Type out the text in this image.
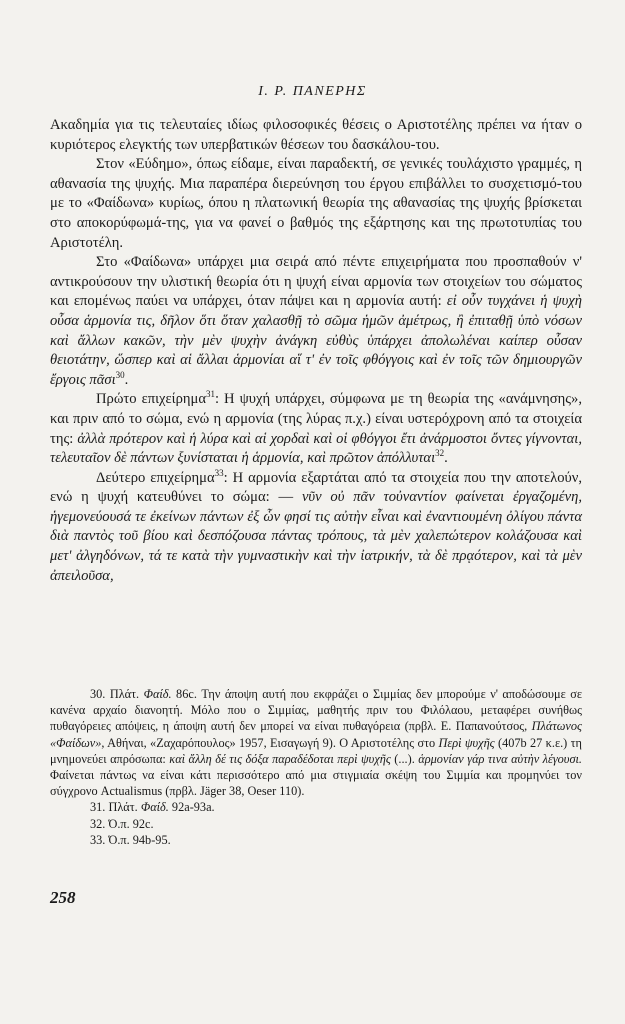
Ι. Ρ. ΠΑΝΕΡΗΣ

Ακαδημία για τις τελευταίες ιδίως φιλοσοφικές θέσεις ο Αριστοτέλης πρέπει να ήταν ο κυριότερος ελεγκτής των υπερβατικών θέσεων του δασκάλου-του.

Στον «Εύδημο», όπως είδαμε, είναι παραδεκτή, σε γενικές τουλάχιστο γραμμές, η αθανασία της ψυχής. Μια παραπέρα διερεύνηση του έργου επιβάλλει το συσχετισμό-του με το «Φαίδωνα» κυρίως, όπου η πλατωνική θεωρία της αθανασίας της ψυχής βρίσκεται στο αποκορύφωμά-της, για να φανεί ο βαθμός της εξάρτησης και της πρωτοτυπίας του Αριστοτέλη.

Στο «Φαίδωνα» υπάρχει μια σειρά από πέντε επιχειρήματα που προσπαθούν ν' αντικρούσουν την υλιστική θεωρία ότι η ψυχή είναι αρμονία των στοιχείων του σώματος και επομένως παύει να υπάρχει, όταν πάψει και η αρμονία αυτή: εἰ οὖν τυγχάνει ἡ ψυχὴ οὖσα ἁρμονία τις, δῆλον ὅτι ὅταν χαλασθῇ τὸ σῶμα ἡμῶν ἀμέτρως, ἢ ἐπιταθῇ ὑπὸ νόσων καὶ ἄλλων κακῶν, τὴν μὲν ψυχὴν ἀνάγκη εὐθὺς ὑπάρχει ἀπολωλέναι καίπερ οὖσαν θειοτάτην, ὥσπερ καὶ αἱ ἄλλαι ἁρμονίαι αἵ τ' ἐν τοῖς φθόγγοις καὶ ἐν τοῖς τῶν δημιουργῶν ἔργοις πᾶσι$^{30}$.

Πρώτο επιχείρημα$^{31}$: Η ψυχή υπάρχει, σύμφωνα με τη θεωρία της «ανάμνησης», και πριν από το σώμα, ενώ η αρμονία (της λύρας π.χ.) είναι υστερόχρονη από τα στοιχεία της: ἀλλὰ πρότερον καὶ ἡ λύρα καὶ αἱ χορδαὶ καὶ οἱ φθόγγοι ἔτι ἀνάρμοστοι ὄντες γίγνονται, τελευταῖον δὲ πάντων ξυνίσταται ἡ ἁρμονία, καὶ πρῶτον ἀπόλλυται$^{32}$.

Δεύτερο επιχείρημα$^{33}$: Η αρμονία εξαρτάται από τα στοιχεία που την αποτελούν, ενώ η ψυχή κατευθύνει το σώμα: — νῦν οὐ πᾶν τοὐναντίον φαίνεται ἐργαζομένη, ἡγεμονεύουσά τε ἐκείνων πάντων ἐξ ὧν φησί τις αὐτὴν εἶναι καὶ ἐναντιουμένη ὀλίγου πάντα διὰ παντὸς τοῦ βίου καὶ δεσπόζουσα πάντας τρόπους, τὰ μὲν χαλεπώτερον κολάζουσα καὶ μετ' ἀλγηδόνων, τά τε κατὰ τὴν γυμναστικὴν καὶ τὴν ἰατρικήν, τὰ δὲ πρᾳότερον, καὶ τὰ μὲν ἀπειλοῦσα,

30. Πλάτ. Φαίδ. 86c. Την άποψη αυτή που εκφράζει ο Σιμμίας δεν μπορούμε ν' αποδώσουμε σε κανένα αρχαίο διανοητή. Μόλο που ο Σιμμίας, μαθητής πριν του Φιλόλαου, μεταφέρει συνήθως πυθαγόρειες απόψεις, η άποψη αυτή δεν μπορεί να είναι πυθαγόρεια (πρβλ. Ε. Παπανούτσος, Πλάτωνος «Φαίδων», Αθήναι, «Ζαχαρόπουλος» 1957, Εισαγωγή 9). Ο Αριστοτέλης στο Περὶ ψυχῆς (407b 27 κ.ε.) τη μνημονεύει απρόσωπα: καὶ ἄλλη δέ τις δόξα παραδέδοται περὶ ψυχῆς (...). ἁρμονίαν γάρ τινα αὐτὴν λέγουσι. Φαίνεται πάντως να είναι κάτι περισσότερο από μια στιγμιαία σκέψη του Σιμμία και προμηνύει τον σύγχρονο Actualismus (πρβλ. Jäger 38, Oeser 110).

31. Πλάτ. Φαίδ. 92a-93a.

32. Ό.π. 92c.

33. Ό.π. 94b-95.

258
